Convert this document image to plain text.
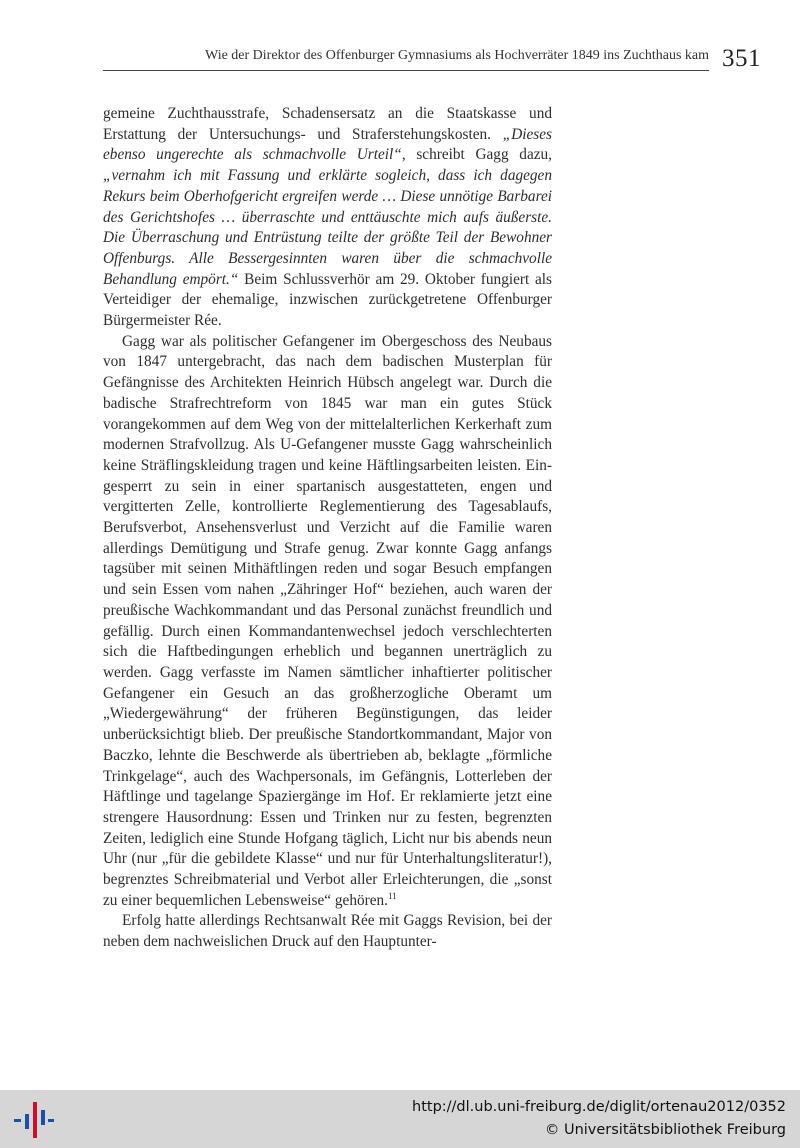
Wie der Direktor des Offenburger Gymnasiums als Hochverräter 1849 ins Zuchthaus kam 351

gemeine Zuchthausstrafe, Schadensersatz an die Staatskasse und Erstattung der Untersuchungs- und Straferstehungskosten. „Dieses ebenso ungerechte als schmachvolle Urteil“, schreibt Gagg dazu, „vernahm ich mit Fassung und erklärte sogleich, dass ich dagegen Rekurs beim Oberhofgericht ergreifen werde … Diese unnötige Barbarei des Gerichtshofes … überraschte und enttäuschte mich aufs äußerste. Die Überraschung und Entrüstung teilte der größte Teil der Bewohner Offenburgs. Alle Bessergesinnten waren über die schmachvolle Behandlung empört.“ Beim Schlussverhör am 29. Oktober fungiert als Verteidiger der ehemalige, inzwischen zurückgetretene Offenburger Bürgermeister Rée.

Gagg war als politischer Gefangener im Obergeschoss des Neubaus von 1847 untergebracht, das nach dem badischen Musterplan für Gefängnisse des Architekten Heinrich Hübsch angelegt war. Durch die badische Strafrechtreform von 1845 war man ein gutes Stück vorangekommen auf dem Weg von der mittelalterlichen Kerkerhaft zum modernen Strafvollzug. Als U-Gefangener musste Gagg wahrscheinlich keine Sträflingskleidung tragen und keine Häftlingsarbeiten leisten. Eingesperrt zu sein in einer spartanisch ausgestatteten, engen und vergitterten Zelle, kontrollierte Reglementierung des Tagesablaufs, Berufsverbot, Ansehensverlust und Verzicht auf die Familie waren allerdings Demütigung und Strafe genug. Zwar konnte Gagg anfangs tagsüber mit seinen Mithäftlingen reden und sogar Besuch empfangen und sein Essen vom nahen „Zähringer Hof“ beziehen, auch waren der preußische Wachkommandant und das Personal zunächst freundlich und gefällig. Durch einen Kommandantenwechsel jedoch verschlechterten sich die Haftbedingungen erheblich und begannen unerträglich zu werden. Gagg verfasste im Namen sämtlicher inhaftierter politischer Gefangener ein Gesuch an das großherzogliche Oberamt um „Wiedergewährung“ der früheren Begünstigungen, das leider unberücksichtigt blieb. Der preußische Standortkommandant, Major von Baczko, lehnte die Beschwerde als übertrieben ab, beklagte „förmliche Trinkgelage“, auch des Wachpersonals, im Gefängnis, Lotterleben der Häftlinge und tagelange Spaziergänge im Hof. Er reklamierte jetzt eine strengere Hausordnung: Essen und Trinken nur zu festen, begrenzten Zeiten, lediglich eine Stunde Hofgang täglich, Licht nur bis abends neun Uhr (nur „für die gebildete Klasse“ und nur für Unterhaltungsliteratur!), begrenztes Schreibmaterial und Verbot aller Erleichterungen, die „sonst zu einer bequemlichen Lebensweise“ gehören.$^{11}$

Erfolg hatte allerdings Rechtsanwalt Rée mit Gaggs Revision, bei der neben dem nachweislichen Druck auf den Hauptunter-

http://dl.ub.uni-freiburg.de/diglit/ortenau2012/0352
© Universitätsbibliothek Freiburg
